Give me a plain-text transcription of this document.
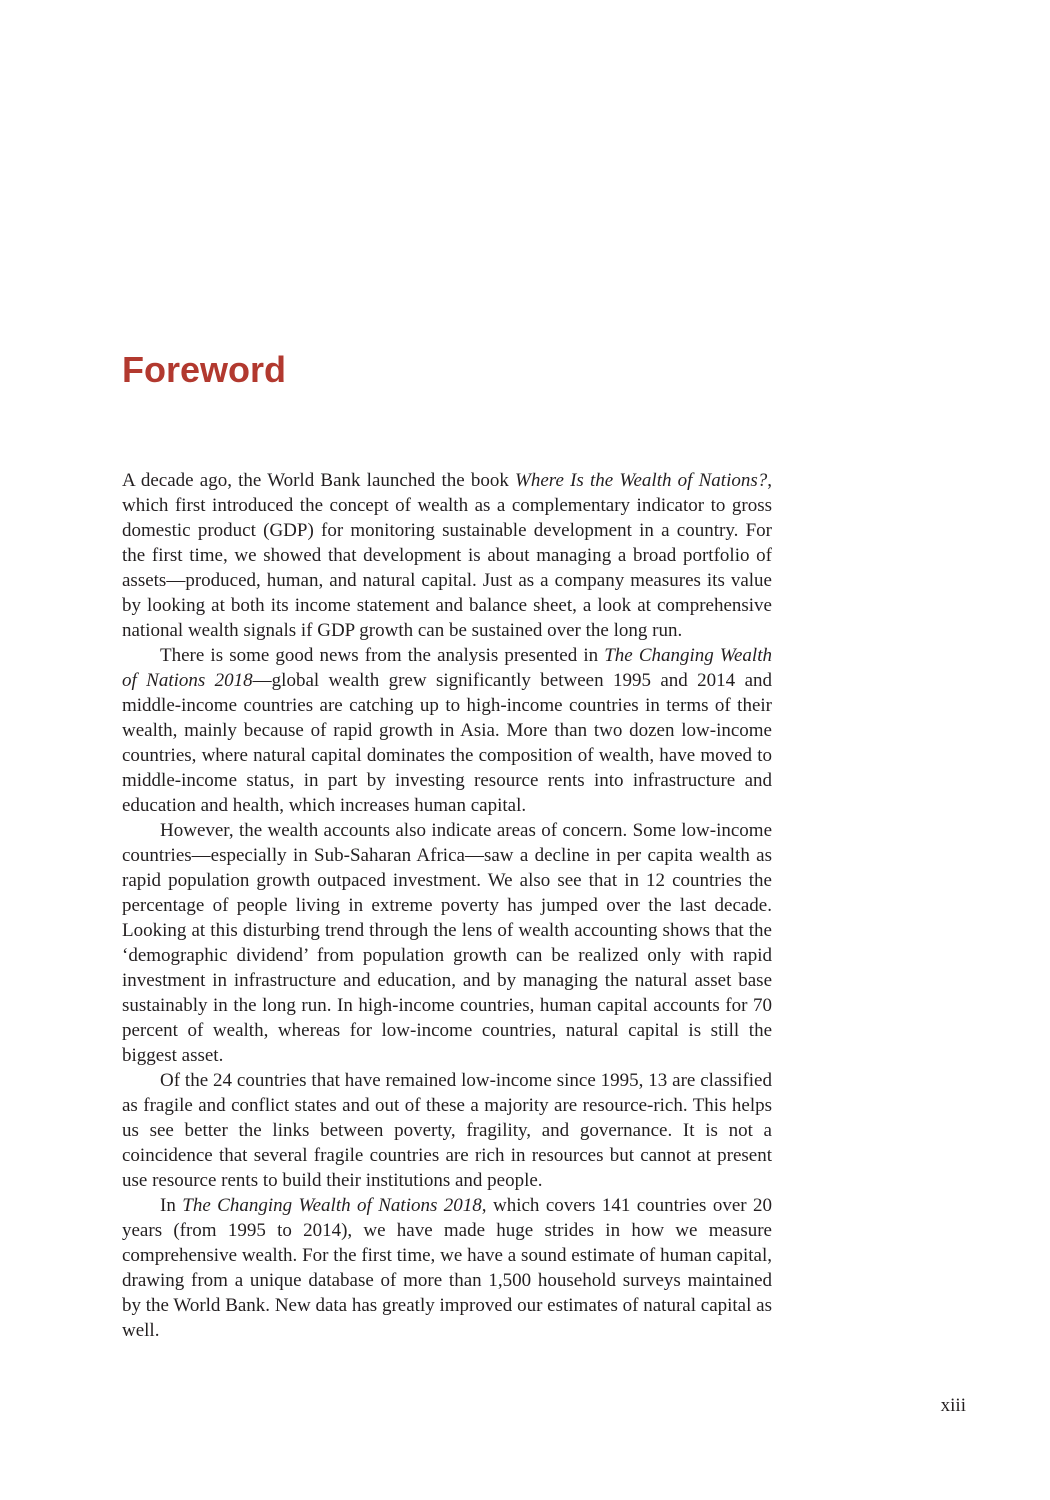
Foreword

A decade ago, the World Bank launched the book Where Is the Wealth of Nations?, which first introduced the concept of wealth as a complementary indicator to gross domestic product (GDP) for monitoring sustainable development in a country. For the first time, we showed that development is about managing a broad portfolio of assets—produced, human, and natural capital. Just as a company measures its value by looking at both its income statement and balance sheet, a look at comprehensive national wealth signals if GDP growth can be sustained over the long run.

There is some good news from the analysis presented in The Changing Wealth of Nations 2018—global wealth grew significantly between 1995 and 2014 and middle-income countries are catching up to high-income countries in terms of their wealth, mainly because of rapid growth in Asia. More than two dozen low-income countries, where natural capital dominates the composition of wealth, have moved to middle-income status, in part by investing resource rents into infrastructure and education and health, which increases human capital.

However, the wealth accounts also indicate areas of concern. Some low-income countries—especially in Sub-Saharan Africa—saw a decline in per capita wealth as rapid population growth outpaced investment. We also see that in 12 countries the percentage of people living in extreme poverty has jumped over the last decade. Looking at this disturbing trend through the lens of wealth accounting shows that the ‘demographic dividend’ from population growth can be realized only with rapid investment in infrastructure and education, and by managing the natural asset base sustainably in the long run. In high-income countries, human capital accounts for 70 percent of wealth, whereas for low-income countries, natural capital is still the biggest asset.

Of the 24 countries that have remained low-income since 1995, 13 are classified as fragile and conflict states and out of these a majority are resource-rich. This helps us see better the links between poverty, fragility, and governance. It is not a coincidence that several fragile countries are rich in resources but cannot at present use resource rents to build their institutions and people.

In The Changing Wealth of Nations 2018, which covers 141 countries over 20 years (from 1995 to 2014), we have made huge strides in how we measure comprehensive wealth. For the first time, we have a sound estimate of human capital, drawing from a unique database of more than 1,500 household surveys maintained by the World Bank. New data has greatly improved our estimates of natural capital as well.

xiii
